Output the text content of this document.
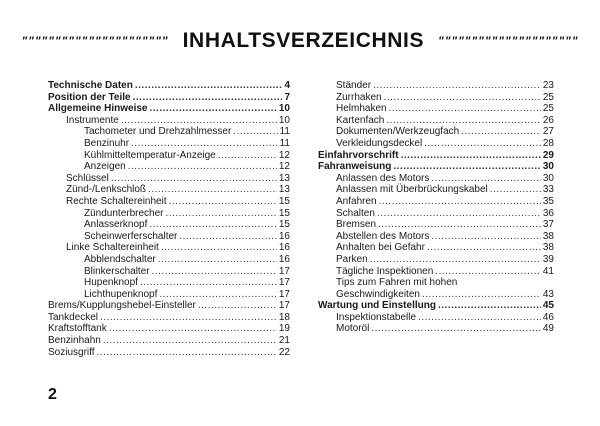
"""""""""""""""""""""" INHALTSVERZEICHNIS """""""""""""""""""""
Technische Daten .....	4
Position der Teile .....	7
Allgemeine Hinweise .....	10
Instrumente .....	10
Tachometer und Drehzahlmesser .....	11
Benzinuhr .....	11
Kühlmitteltemperatur-Anzeige .....	12
Anzeigen .....	12
Schlüssel .....	13
Zünd-/Lenkschloß .....	13
Rechte Schaltereinheit .....	15
Zündunterbrecher .....	15
Anlasserknopf .....	15
Scheinwerferschalter .....	16
Linke Schaltereinheit .....	16
Abblendschalter .....	16
Blinkerschalter .....	17
Hupenknopf .....	17
Lichthupenknopf .....	17
Brems/Kupplungshebel-Einsteller .....	17
Tankdeckel .....	18
Kraftstofftank .....	19
Benzinhahn .....	21
Soziusgriff .....	22
Ständer .....	23
Zurrhaken .....	25
Helmhaken .....	25
Kartenfach .....	26
Dokumenten/Werkzeugfach .....	27
Verkleidungsdeckel .....	28
Einfahrvorschrift .....	29
Fahranweisung .....	30
Anlassen des Motors .....	30
Anlassen mit Überbrückungskabel .....	33
Anfahren .....	35
Schalten .....	36
Bremsen .....	37
Abstellen des Motors .....	38
Anhalten bei Gefahr .....	38
Parken .....	39
Tägliche Inspektionen .....	41
Tips zum Fahren mit hohen
Geschwindigkeiten .....	43
Wartung und Einstellung .....	45
Inspektionstabelle .....	46
Motoröl .....	49
2
